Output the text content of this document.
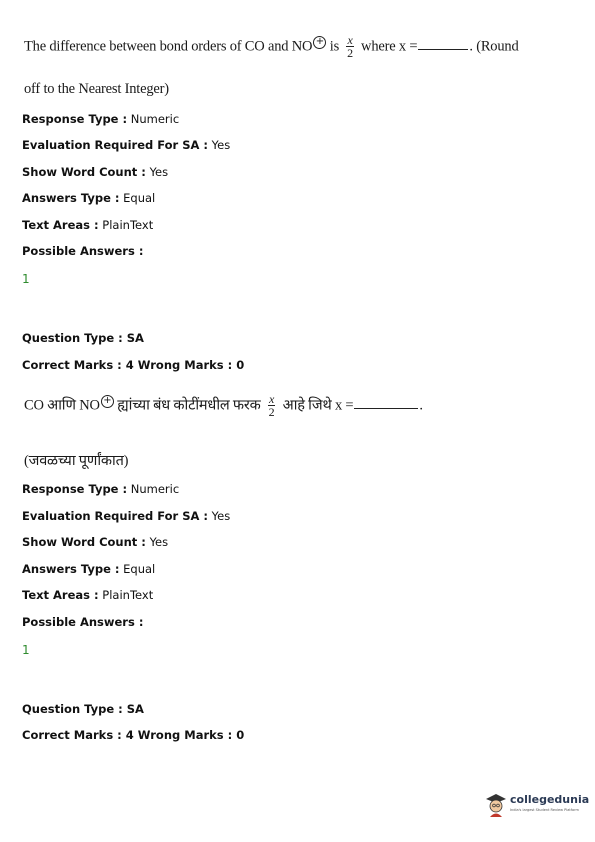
The difference between bond orders of CO and NO + is $\frac{x}{2}$ where x =	. (Round
off to the Nearest Integer)
Response Type : Numeric
Evaluation Required For SA : Yes
Show Word Count : Yes
Answers Type : Equal
Text Areas : PlainText
Possible Answers :
1
Question Type : SA
Correct Marks : 4 Wrong Marks : 0
CO आणि NO + ह्यांच्या बंध कोटींमधील फरक $\frac{x}{2}$ आहे जिथे x =	.
(जवळच्या पूर्णांकात)
Response Type : Numeric
Evaluation Required For SA : Yes
Show Word Count : Yes
Answers Type : Equal
Text Areas : PlainText
Possible Answers :
1
Question Type : SA
Correct Marks : 4 Wrong Marks : 0
collegedunia
India's largest Student Review Platform
